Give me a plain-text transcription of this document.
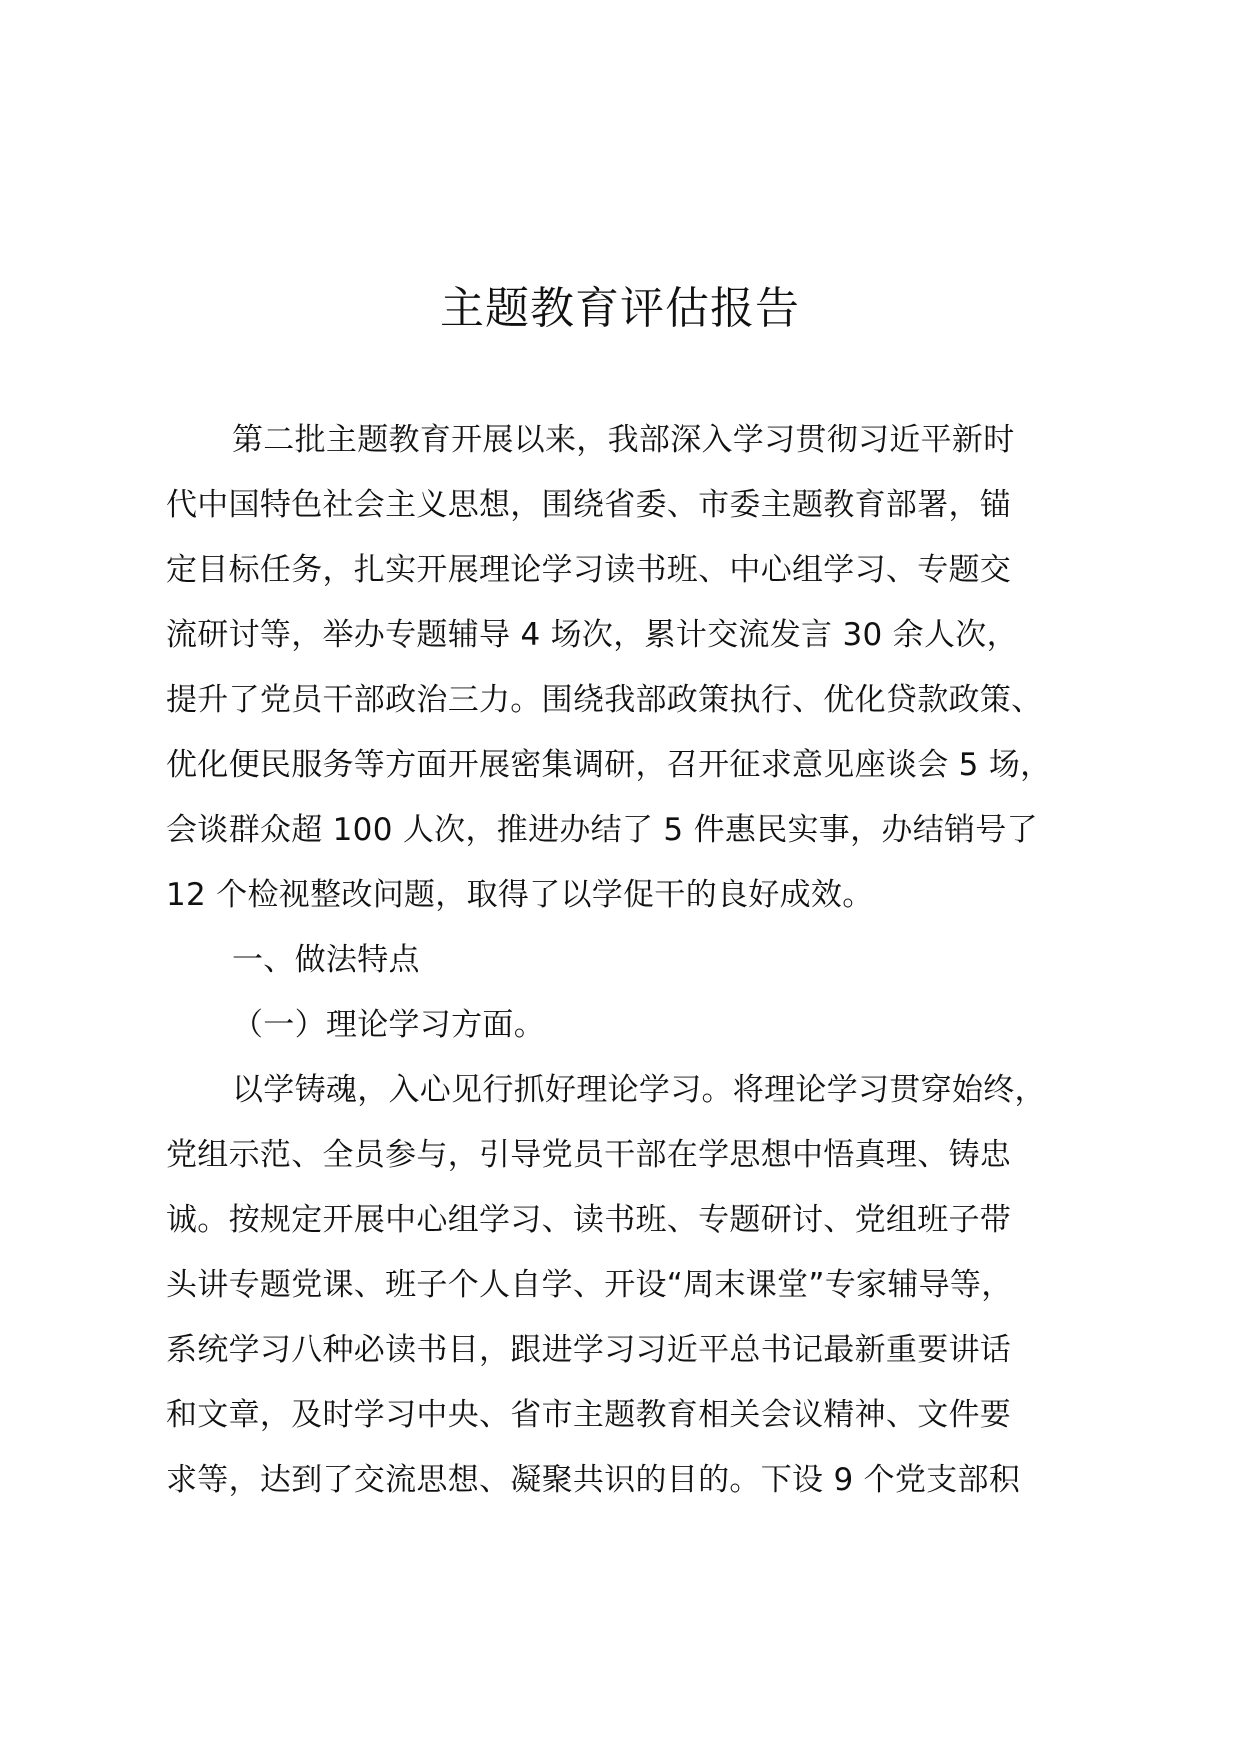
主题教育评估报告
第二批主题教育开展以来，我部深入学习贯彻习近平新时
代中国特色社会主义思想，围绕省委、市委主题教育部署，锚
定目标任务，扎实开展理论学习读书班、中心组学习、专题交
流研讨等，举办专题辅导 4 场次，累计交流发言 30 余人次，
提升了党员干部政治三力。围绕我部政策执行、优化贷款政策、
优化便民服务等方面开展密集调研，召开征求意见座谈会 5 场，
会谈群众超 100 人次，推进办结了 5 件惠民实事，办结销号了
12 个检视整改问题，取得了以学促干的良好成效。
一、做法特点
（一）理论学习方面。
以学铸魂，入心见行抓好理论学习。将理论学习贯穿始终，
党组示范、全员参与，引导党员干部在学思想中悟真理、铸忠
诚。按规定开展中心组学习、读书班、专题研讨、党组班子带
头讲专题党课、班子个人自学、开设“周末课堂”专家辅导等，
系统学习八种必读书目，跟进学习习近平总书记最新重要讲话
和文章，及时学习中央、省市主题教育相关会议精神、文件要
求等，达到了交流思想、凝聚共识的目的。下设 9 个党支部积
